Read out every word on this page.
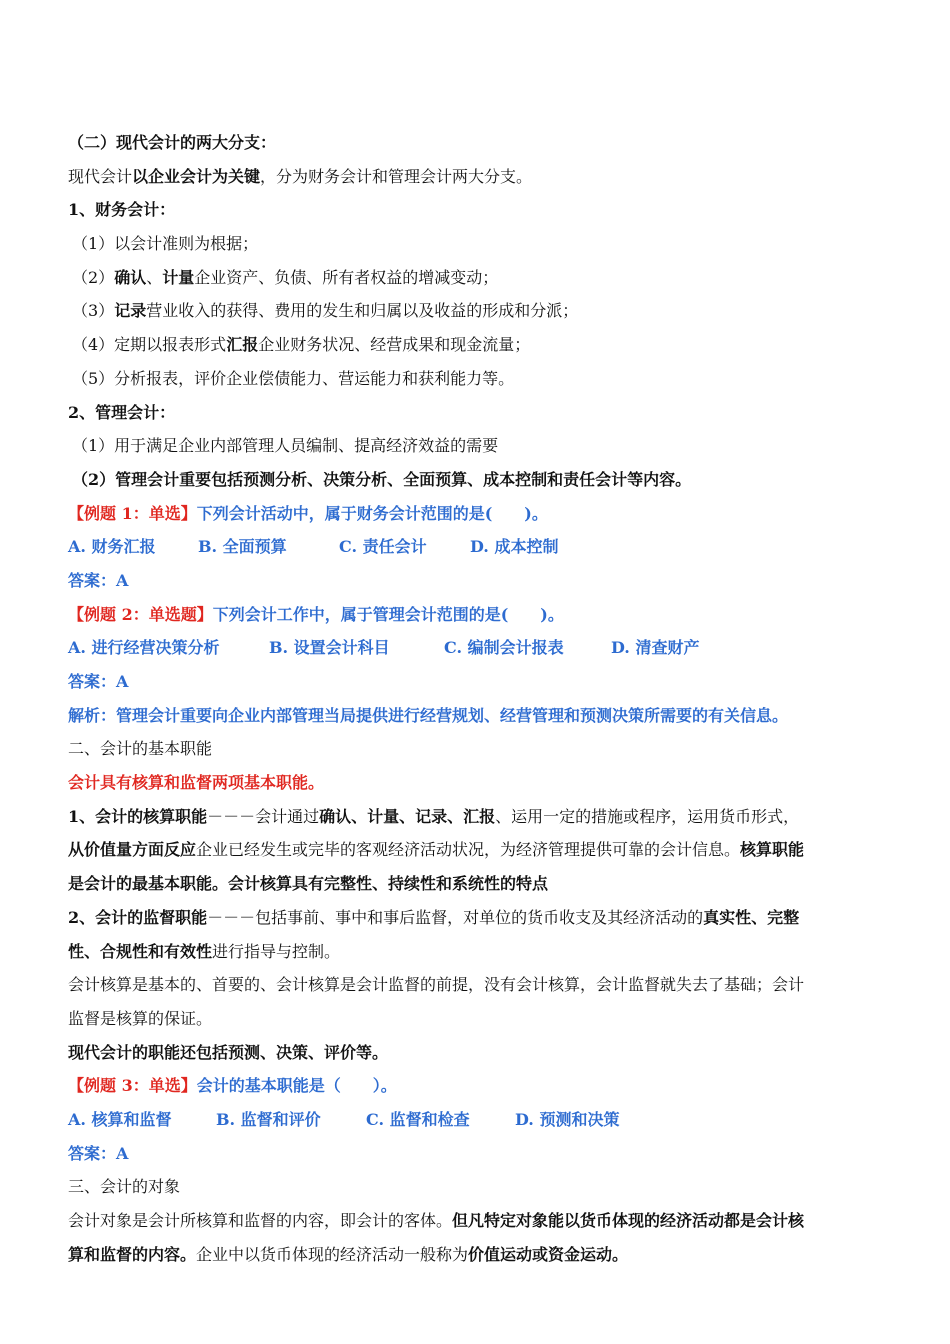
（二）现代会计的两大分支：
现代会计以企业会计为关键，分为财务会计和管理会计两大分支。
1、财务会计：
（1）以会计准则为根据；
（2）确认、计量企业资产、负债、所有者权益的增减变动；
（3）记录营业收入的获得、费用的发生和归属以及收益的形成和分派；
（4）定期以报表形式汇报企业财务状况、经营成果和现金流量；
（5）分析报表，评价企业偿债能力、营运能力和获利能力等。
2、管理会计：
（1）用于满足企业内部管理人员编制、提高经济效益的需要
（2）管理会计重要包括预测分析、决策分析、全面预算、成本控制和责任会计等内容。
【例题 1：单选】下列会计活动中，属于财务会计范围的是(　　)。
A. 财务汇报	B. 全面预算	C. 责任会计	D. 成本控制
答案：A
【例题 2：单选题】下列会计工作中，属于管理会计范围的是(　　)。
A. 进行经营决策分析	B. 设置会计科目	C. 编制会计报表	D. 清查财产
答案：A
解析：管理会计重要向企业内部管理当局提供进行经营规划、经营管理和预测决策所需要的有关信息。
二、会计的基本职能
会计具有核算和监督两项基本职能。
1、会计的核算职能－－－会计通过确认、计量、记录、汇报、运用一定的措施或程序，运用货币形式，
从价值量方面反应企业已经发生或完毕的客观经济活动状况，为经济管理提供可靠的会计信息。核算职能
是会计的最基本职能。会计核算具有完整性、持续性和系统性的特点
2、会计的监督职能－－－包括事前、事中和事后监督，对单位的货币收支及其经济活动的真实性、完整
性、合规性和有效性进行指导与控制。
会计核算是基本的、首要的、会计核算是会计监督的前提，没有会计核算，会计监督就失去了基础；会计
监督是核算的保证。
现代会计的职能还包括预测、决策、评价等。
【例题 3：单选】会计的基本职能是（　　）。
A. 核算和监督	B. 监督和评价	C. 监督和检查	D. 预测和决策
答案：A
三、会计的对象
会计对象是会计所核算和监督的内容，即会计的客体。但凡特定对象能以货币体现的经济活动都是会计核
算和监督的内容。企业中以货币体现的经济活动一般称为价值运动或资金运动。
